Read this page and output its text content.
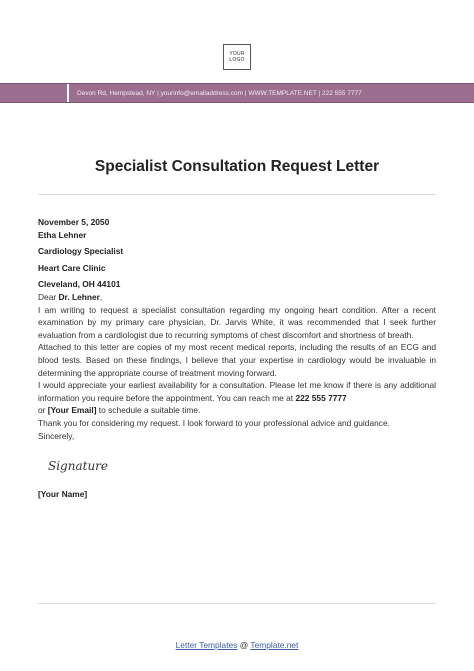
YOUR
LOGO
Devon Rd, Hempstead, NY | yourinfo@emailaddress.com | WWW.TEMPLATE.NET | 222 555 7777
Specialist Consultation Request Letter

November 5, 2050

Etha Lehner

Cardiology Specialist

Heart Care Clinic

Cleveland, OH 44101

Dear Dr. Lehner,

I am writing to request a specialist consultation regarding my ongoing heart condition. After a recent examination by my primary care physician, Dr. Jarvis White, it was recommended that I seek further evaluation from a cardiologist due to recurring symptoms of chest discomfort and shortness of breath.

Attached to this letter are copies of my most recent medical reports, including the results of an ECG and blood tests. Based on these findings, I believe that your expertise in cardiology would be invaluable in determining the appropriate course of treatment moving forward.

I would appreciate your earliest availability for a consultation. Please let me know if there is any additional information you require before the appointment. You can reach me at 222 555 7777
or [Your Email] to schedule a suitable time.

Thank you for considering my request. I look forward to your professional advice and guidance.

Sincerely,

Signature

[Your Name]

Letter Templates @ Template.net
